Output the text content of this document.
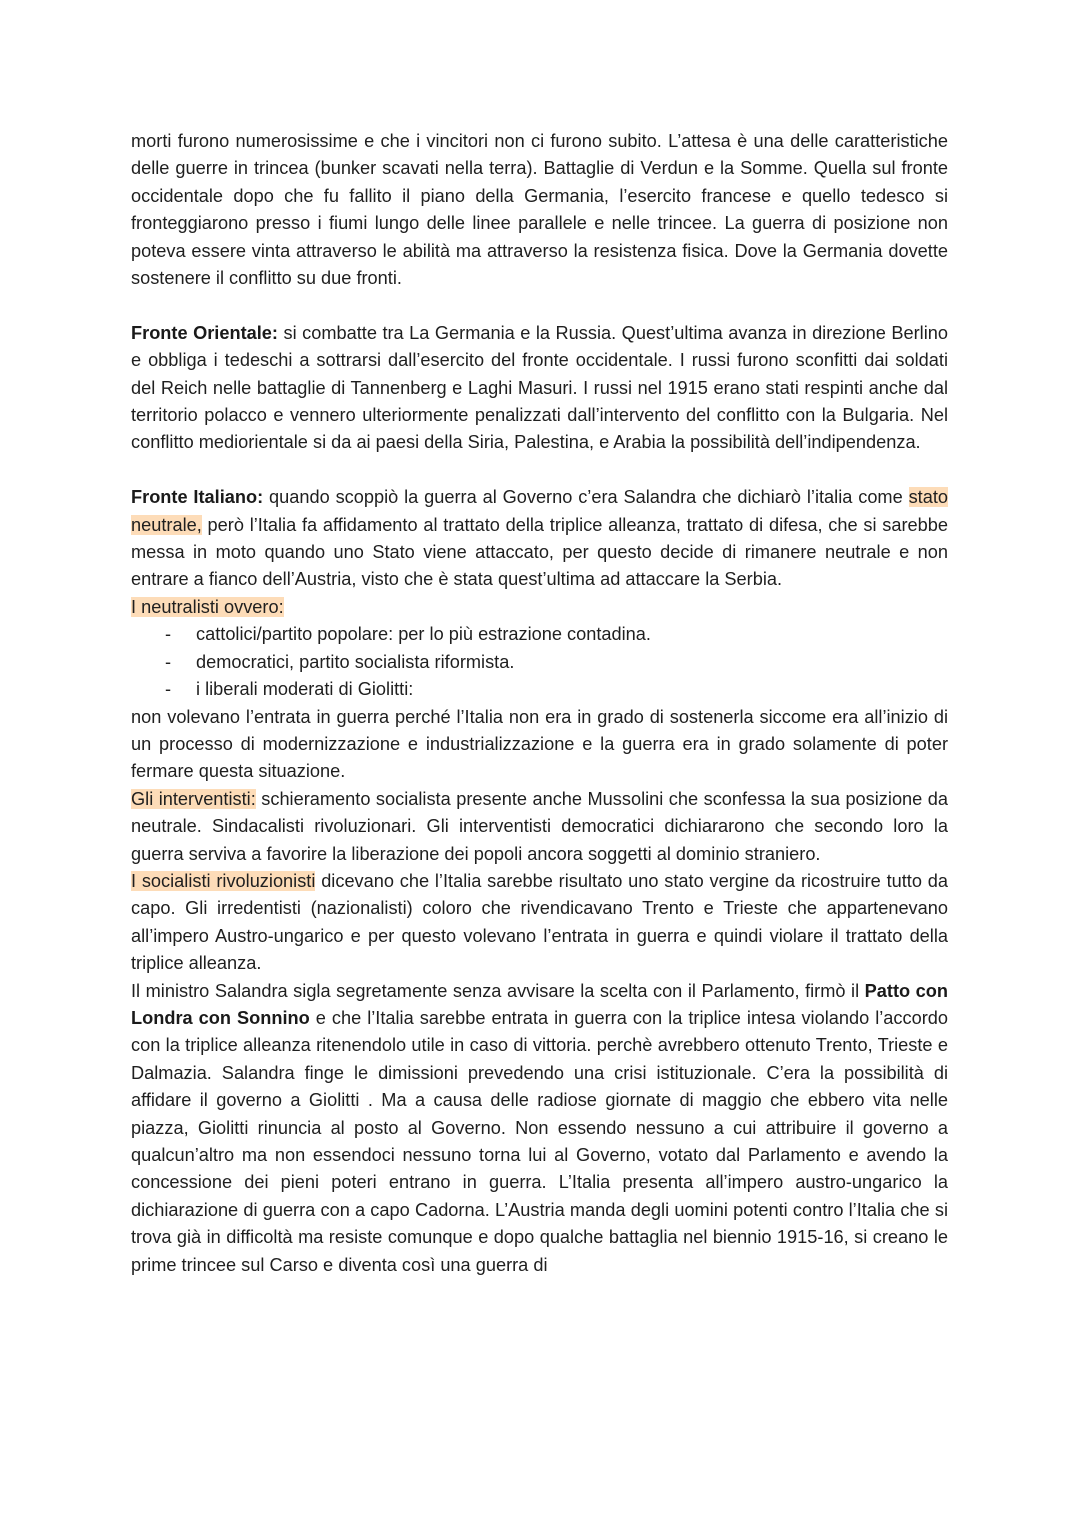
morti furono numerosissime e che i vincitori non ci furono subito. L’attesa è una delle caratteristiche delle guerre in trincea (bunker scavati nella terra). Battaglie di Verdun e la Somme. Quella sul fronte occidentale dopo che fu fallito il piano della Germania, l’esercito francese e quello tedesco si fronteggiarono presso i fiumi lungo delle linee parallele e nelle trincee. La guerra di posizione non poteva essere vinta attraverso le abilità ma attraverso la resistenza fisica. Dove la Germania dovette sostenere il conflitto su due fronti.

Fronte Orientale: si combatte tra La Germania e la Russia. Quest’ultima avanza in direzione Berlino e obbliga i tedeschi a sottrarsi dall’esercito del fronte occidentale. I russi furono sconfitti dai soldati del Reich nelle battaglie di Tannenberg e Laghi Masuri. I russi nel 1915 erano stati respinti anche dal territorio polacco e vennero ulteriormente penalizzati dall’intervento del conflitto con la Bulgaria. Nel conflitto mediorientale si da ai paesi della Siria, Palestina, e Arabia la possibilità dell’indipendenza.

Fronte Italiano: quando scoppiò la guerra al Governo c’era Salandra che dichiarò l’italia come stato neutrale, però l’Italia fa affidamento al trattato della triplice alleanza, trattato di difesa, che si sarebbe messa in moto quando uno Stato viene attaccato, per questo decide di rimanere neutrale e non entrare a fianco dell’Austria, visto che è stata quest’ultima ad attaccare la Serbia.

I neutralisti ovvero:

- cattolici/partito popolare: per lo più estrazione contadina.
- democratici, partito socialista riformista.
- i liberali moderati di Giolitti:

non volevano l’entrata in guerra perché l’Italia non era in grado di sostenerla siccome era all’inizio di un processo di modernizzazione e industrializzazione e la guerra era in grado solamente di poter fermare questa situazione.

Gli interventisti: schieramento socialista presente anche Mussolini che sconfessa la sua posizione da neutrale. Sindacalisti rivoluzionari. Gli interventisti democratici dichiararono che secondo loro la guerra serviva a favorire la liberazione dei popoli ancora soggetti al dominio straniero.

I socialisti rivoluzionisti dicevano che l’Italia sarebbe risultato uno stato vergine da ricostruire tutto da capo. Gli irredentisti (nazionalisti) coloro che rivendicavano Trento e Trieste che appartenevano all’impero Austro-ungarico e per questo volevano l’entrata in guerra e quindi violare il trattato della triplice alleanza.

Il ministro Salandra sigla segretamente senza avvisare la scelta con il Parlamento, firmò il Patto con Londra con Sonnino e che l’Italia sarebbe entrata in guerra con la triplice intesa violando l’accordo con la triplice alleanza ritenendolo utile in caso di vittoria. perchè avrebbero ottenuto Trento, Trieste e Dalmazia. Salandra finge le dimissioni prevedendo una crisi istituzionale. C’era la possibilità di affidare il governo a Giolitti . Ma a causa delle radiose giornate di maggio che ebbero vita nelle piazza, Giolitti rinuncia al posto al Governo. Non essendo nessuno a cui attribuire il governo a qualcun’altro ma non essendoci nessuno torna lui al Governo, votato dal Parlamento e avendo la concessione dei pieni poteri entrano in guerra. L’Italia presenta all’impero austro-ungarico la dichiarazione di guerra con a capo Cadorna. L’Austria manda degli uomini potenti contro l’Italia che si trova già in difficoltà ma resiste comunque e dopo qualche battaglia nel biennio 1915-16, si creano le prime trincee sul Carso e diventa così una guerra di
